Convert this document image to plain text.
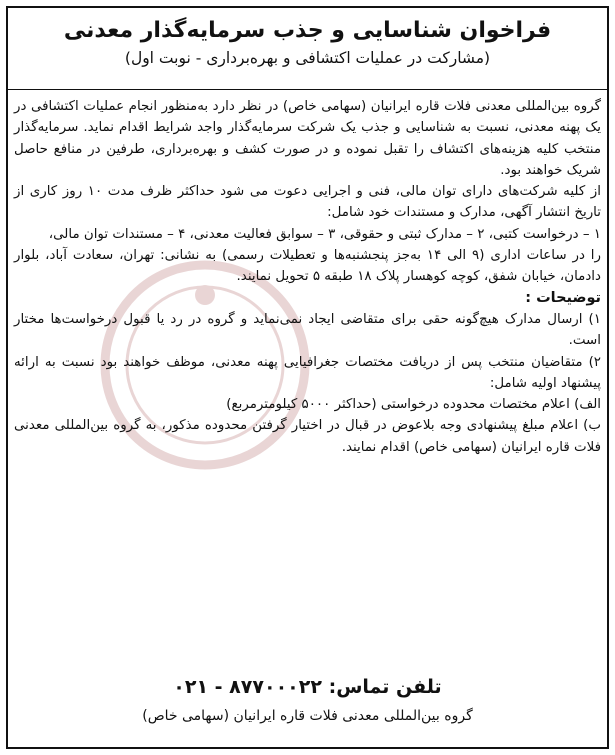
فراخوان شناسایی و جذب سرمایه‌گذار معدنی
(مشارکت در عملیات اکتشافی و بهره‌برداری - نوبت اول)

گروه بین‌المللی معدنی فلات قاره ایرانیان (سهامی خاص) در نظر دارد به‌منظور انجام عملیات اکتشافی در یک پهنه معدنی، نسبت به شناسایی و جذب یک شرکت سرمایه‌گذار واجد شرایط اقدام نماید. سرمایه‌گذار منتخب کلیه هزینه‌های اکتشاف را تقبل نموده و در صورت کشف و بهره‌برداری، طرفین در منافع حاصل شریک خواهند بود.

از کلیه شرکت‌های دارای توان مالی، فنی و اجرایی دعوت می شود حداکثر ظرف مدت ۱۰ روز کاری از تاریخ انتشار آگهی، مدارک و مستندات خود شامل:

۱ – درخواست کتبی، ۲ – مدارک ثبتی و حقوقی، ۳ – سوابق فعالیت معدنی، ۴ – مستندات توان مالی،

را در ساعات اداری (۹ الی ۱۴ به‌جز پنجشنبه‌ها و تعطیلات رسمی) به نشانی: تهران، سعادت آباد، بلوار دادمان، خیابان شفق، کوچه کوهسار پلاک ۱۸ طبقه ۵ تحویل نمایند.

توضیحات :

۱) ارسال مدارک هیچ‌گونه حقی برای متقاضی ایجاد نمی‌نماید و گروه در رد یا قبول درخواست‌ها مختار است.

۲) متقاضیان منتخب پس از دریافت مختصات جغرافیایی پهنه معدنی، موظف خواهند بود نسبت به ارائه پیشنهاد اولیه شامل:

الف) اعلام مختصات محدوده درخواستی (حداکثر ۵۰۰۰ کیلومترمربع)

ب) اعلام مبلغ پیشنهادی وجه بلاعوض در قبال در اختیار گرفتن محدوده مذکور، به گروه بین‌المللی معدنی فلات قاره ایرانیان (سهامی خاص) اقدام نمایند.

تلفن تماس: ۰۲۱ - ۸۷۷۰۰۰۲۲
گروه بین‌المللی معدنی فلات قاره ایرانیان (سهامی خاص)
